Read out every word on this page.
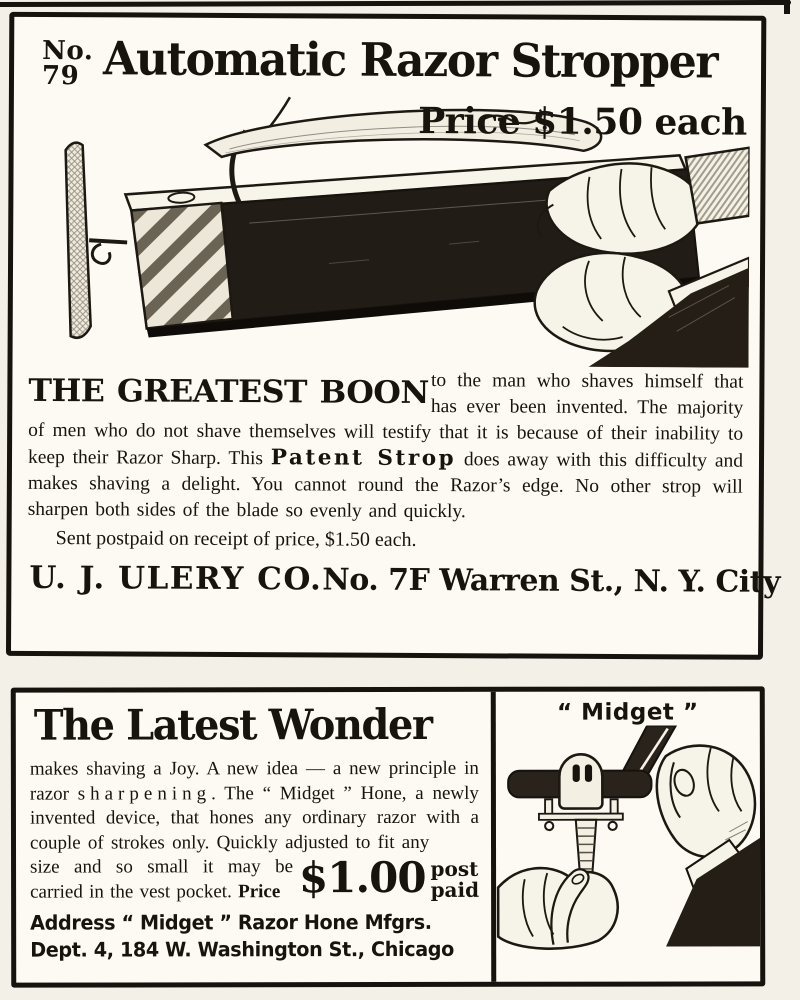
No.
79 Automatic Razor Stropper
Price $1.50 each
THE GREATEST BOON to the man who shaves himself that has ever been invented. The majority of men who do not shave themselves will testify that it is because of their inability to keep their Razor Sharp. This Patent Strop does away with this difficulty and makes shaving a delight. You cannot round the Razor’s edge. No other strop will sharpen both sides of the blade so evenly and quickly.
Sent postpaid on receipt of price, $1.50 each.
U. J. ULERY CO. No. 7F Warren St., N. Y. City
The Latest Wonder
makes shaving a Joy. A new idea — a new principle in razor sharpening. The “ Midget ” Hone, a newly invented device, that hones any ordinary razor with a couple of strokes only. Quickly adjusted to fit any
size and so small it may be carried in the vest pocket. Price $1.00 post
paid
Address “ Midget ” Razor Hone Mfgrs.
Dept. 4, 184 W. Washington St., Chicago
“ Midget ”
